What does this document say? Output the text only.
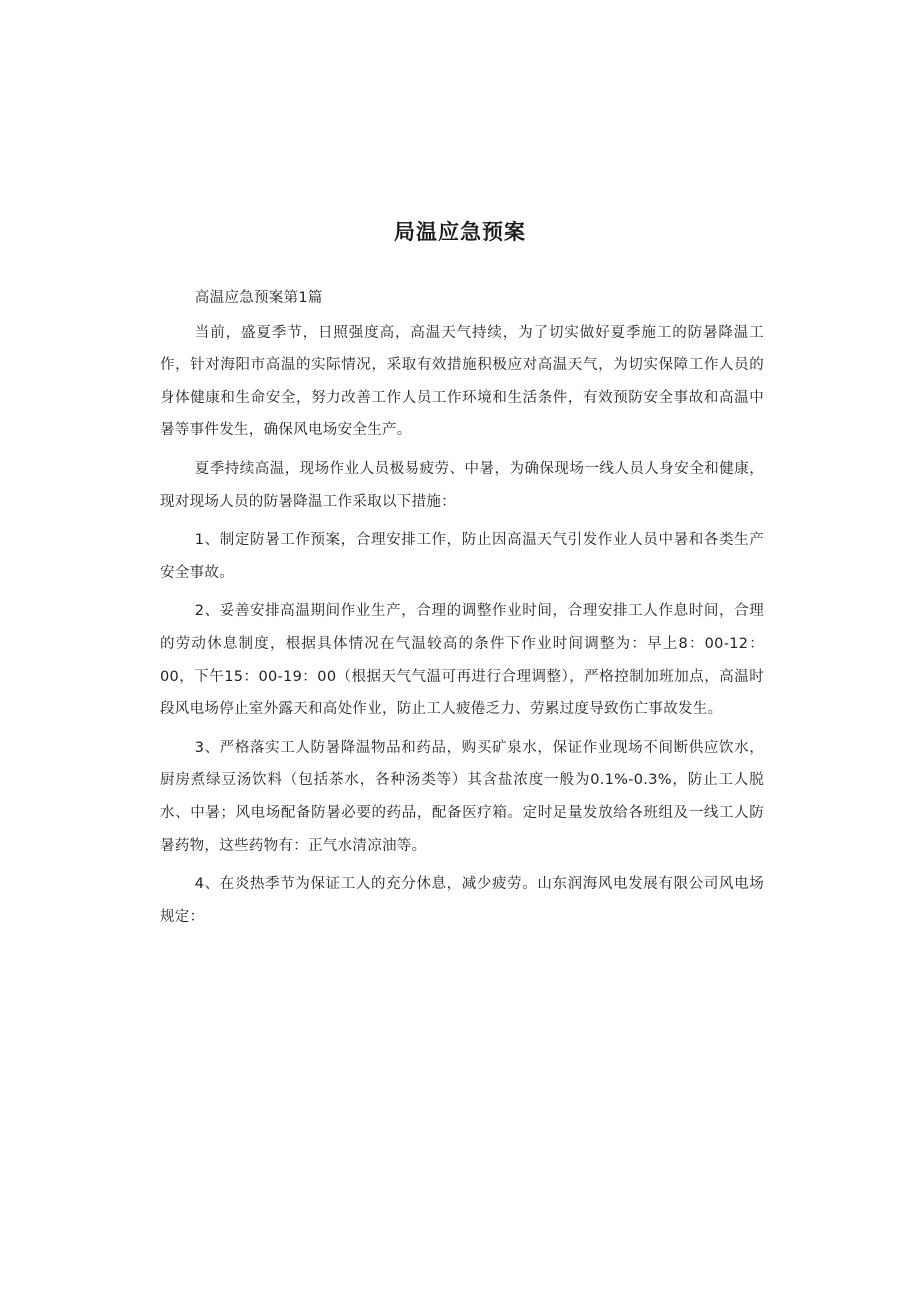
局温应急预案

高温应急预案第1篇

当前，盛夏季节，日照强度高，高温天气持续，为了切实做好夏季施工的防暑降温工作，针对海阳市高温的实际情况，采取有效措施积极应对高温天气，为切实保障工作人员的身体健康和生命安全，努力改善工作人员工作环境和生活条件，有效预防安全事故和高温中暑等事件发生，确保风电场安全生产。

夏季持续高温，现场作业人员极易疲劳、中暑，为确保现场一线人员人身安全和健康，现对现场人员的防暑降温工作采取以下措施：

1、制定防暑工作预案，合理安排工作，防止因高温天气引发作业人员中暑和各类生产安全事故。

2、妥善安排高温期间作业生产，合理的调整作业时间，合理安排工人作息时间，合理的劳动休息制度，根据具体情况在气温较高的条件下作业时间调整为：早上8：00-12：00，下午15：00-19：00（根据天气气温可再进行合理调整），严格控制加班加点，高温时段风电场停止室外露天和高处作业，防止工人疲倦乏力、劳累过度导致伤亡事故发生。

3、严格落实工人防暑降温物品和药品，购买矿泉水，保证作业现场不间断供应饮水，厨房煮绿豆汤饮料（包括茶水，各种汤类等）其含盐浓度一般为0.1%-0.3%，防止工人脱水、中暑；风电场配备防暑必要的药品，配备医疗箱。定时足量发放给各班组及一线工人防暑药物，这些药物有：正气水清凉油等。

4、在炎热季节为保证工人的充分休息，减少疲劳。山东润海风电发展有限公司风电场规定：
